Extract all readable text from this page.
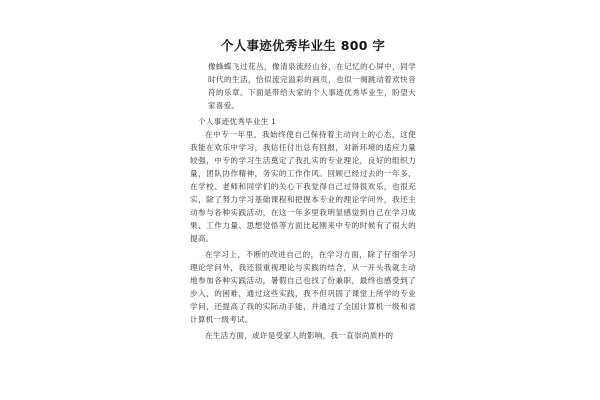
个人事迹优秀毕业生 800 字

像蜂蝶飞过花丛，像清泉流经山谷，在记忆的心屏中，同学时代的生活，恰似流完溢彩的画页，也似一阕跳动着欢快音符的乐章。下面是带给大家的个人事迹优秀毕业生，盼望大家喜爱。

个人事迹优秀毕业生 1

在中专一年里，我始终使自己保持着主动向上的心态，这使我能在欢乐中学习，我信任付出总有回报，对新环境的适应力量较强，中专的学习生活奠定了我扎实的专业理论，良好的组织力量，团队协作精神，务实的工作作风。回顾已经过去的一年多，在学校、老师和同学们的关心下我觉得自己过得很欢乐，也很充实，除了努力学习基础课程和把握本专业的理论学问外，我还主动参与各种实践活动，在这一年多里我明显感觉到自己在学习成果、工作力量、思想觉悟等方面比起刚来中专的时候有了很大的提高。

在学习上，不断的改进自己的，在学习方面，除了仔细学习理论学问外，我还很重视理论与实践的结合，从一开头我就主动地参加各种实践活动，暑假自己也找了份兼职，最终也感受到了步入，的困难，通过这些实践，我不但巩固了课堂上所学的专业学问，还提高了我的实际动手能，并通过了全国计算机一级和省计算机一级考试。

在生活方面，或许是受家人的影响，我一直崇尚质朴的
